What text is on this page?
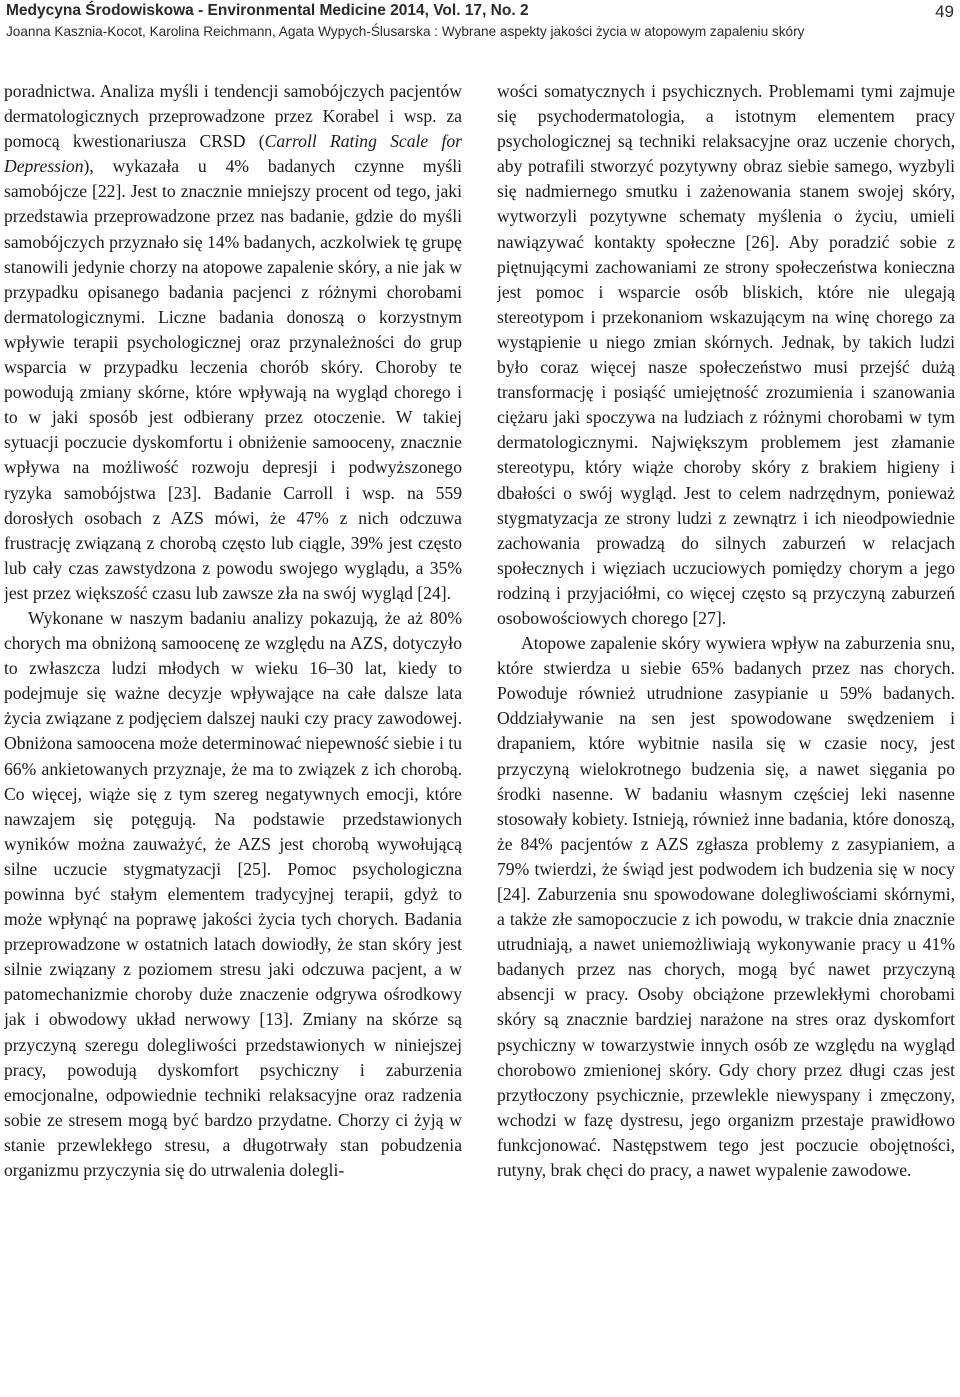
Medycyna Środowiskowa - Environmental Medicine 2014, Vol. 17, No. 2
Joanna Kasznia-Kocot, Karolina Reichmann, Agata Wypych-Ślusarska : Wybrane aspekty jakości życia w atopowym zapaleniu skóry
49

poradnictwa. Analiza myśli i tendencji samobójczych pacjentów dermatologicznych przeprowadzone przez Korabel i wsp. za pomocą kwestionariusza CRSD (Carroll Rating Scale for Depression), wykazała u 4% badanych czynne myśli samobójcze [22]. Jest to znacznie mniejszy procent od tego, jaki przedstawia przeprowadzone przez nas badanie, gdzie do myśli samobójczych przyznało się 14% badanych, aczkolwiek tę grupę stanowili jedynie chorzy na atopowe zapalenie skóry, a nie jak w przypadku opisanego badania pacjenci z różnymi chorobami dermatologicznymi. Liczne badania donoszą o korzystnym wpływie terapii psychologicznej oraz przynależności do grup wsparcia w przypadku leczenia chorób skóry. Choroby te powodują zmiany skórne, które wpływają na wygląd chorego i to w jaki sposób jest odbierany przez otoczenie. W takiej sytuacji poczucie dyskomfortu i obniżenie samooceny, znacznie wpływa na możliwość rozwoju depresji i podwyższonego ryzyka samobójstwa [23]. Badanie Carroll i wsp. na 559 dorosłych osobach z AZS mówi, że 47% z nich odczuwa frustrację związaną z chorobą często lub ciągle, 39% jest często lub cały czas zawstydzona z powodu swojego wyglądu, a 35% jest przez większość czasu lub zawsze zła na swój wygląd [24].

Wykonane w naszym badaniu analizy pokazują, że aż 80% chorych ma obniżoną samoocenę ze względu na AZS, dotyczyło to zwłaszcza ludzi młodych w wieku 16–30 lat, kiedy to podejmuje się ważne decyzje wpływające na całe dalsze lata życia związane z podjęciem dalszej nauki czy pracy zawodowej. Obniżona samoocena może determinować niepewność siebie i tu 66% ankietowanych przyznaje, że ma to związek z ich chorobą. Co więcej, wiąże się z tym szereg negatywnych emocji, które nawzajem się potęgują. Na podstawie przedstawionych wyników można zauważyć, że AZS jest chorobą wywołującą silne uczucie stygmatyzacji [25]. Pomoc psychologiczna powinna być stałym elementem tradycyjnej terapii, gdyż to może wpłynąć na poprawę jakości życia tych chorych. Badania przeprowadzone w ostatnich latach dowiodły, że stan skóry jest silnie związany z poziomem stresu jaki odczuwa pacjent, a w patomechanizmie choroby duże znaczenie odgrywa ośrodkowy jak i obwodowy układ nerwowy [13]. Zmiany na skórze są przyczyną szeregu dolegliwości przedstawionych w niniejszej pracy, powodują dyskomfort psychiczny i zaburzenia emocjonalne, odpowiednie techniki relaksacyjne oraz radzenia sobie ze stresem mogą być bardzo przydatne. Chorzy ci żyją w stanie przewlekłego stresu, a długotrwały stan pobudzenia organizmu przyczynia się do utrwalenia dolegli-

wości somatycznych i psychicznych. Problemami tymi zajmuje się psychodermatologia, a istotnym elementem pracy psychologicznej są techniki relaksacyjne oraz uczenie chorych, aby potrafili stworzyć pozytywny obraz siebie samego, wyzbyli się nadmiernego smutku i zażenowania stanem swojej skóry, wytworzyli pozytywne schematy myślenia o życiu, umieli nawiązywać kontakty społeczne [26]. Aby poradzić sobie z piętnującymi zachowaniami ze strony społeczeństwa konieczna jest pomoc i wsparcie osób bliskich, które nie ulegają stereotypom i przekonaniom wskazującym na winę chorego za wystąpienie u niego zmian skórnych. Jednak, by takich ludzi było coraz więcej nasze społeczeństwo musi przejść dużą transformację i posiąść umiejętność zrozumienia i szanowania ciężaru jaki spoczywa na ludziach z różnymi chorobami w tym dermatologicznymi. Największym problemem jest złamanie stereotypu, który wiąże choroby skóry z brakiem higieny i dbałości o swój wygląd. Jest to celem nadrzędnym, ponieważ stygmatyzacja ze strony ludzi z zewnątrz i ich nieodpowiednie zachowania prowadzą do silnych zaburzeń w relacjach społecznych i więziach uczuciowych pomiędzy chorym a jego rodziną i przyjaciółmi, co więcej często są przyczyną zaburzeń osobowościowych chorego [27].

Atopowe zapalenie skóry wywiera wpływ na zaburzenia snu, które stwierdza u siebie 65% badanych przez nas chorych. Powoduje również utrudnione zasypianie u 59% badanych. Oddziaływanie na sen jest spowodowane swędzeniem i drapaniem, które wybitnie nasila się w czasie nocy, jest przyczyną wielokrotnego budzenia się, a nawet sięgania po środki nasenne. W badaniu własnym częściej leki nasenne stosowały kobiety. Istnieją, również inne badania, które donoszą, że 84% pacjentów z AZS zgłasza problemy z zasypianiem, a 79% twierdzi, że świąd jest podwodem ich budzenia się w nocy [24]. Zaburzenia snu spowodowane dolegliwościami skórnymi, a także złe samopoczucie z ich powodu, w trakcie dnia znacznie utrudniają, a nawet uniemożliwiają wykonywanie pracy u 41% badanych przez nas chorych, mogą być nawet przyczyną absencji w pracy. Osoby obciążone przewlekłymi chorobami skóry są znacznie bardziej narażone na stres oraz dyskomfort psychiczny w towarzystwie innych osób ze względu na wygląd chorobowo zmienionej skóry. Gdy chory przez długi czas jest przytłoczony psychicznie, przewlekle niewyspany i zmęczony, wchodzi w fazę dystresu, jego organizm przestaje prawidłowo funkcjonować. Następstwem tego jest poczucie obojętności, rutyny, brak chęci do pracy, a nawet wypalenie zawodowe.
